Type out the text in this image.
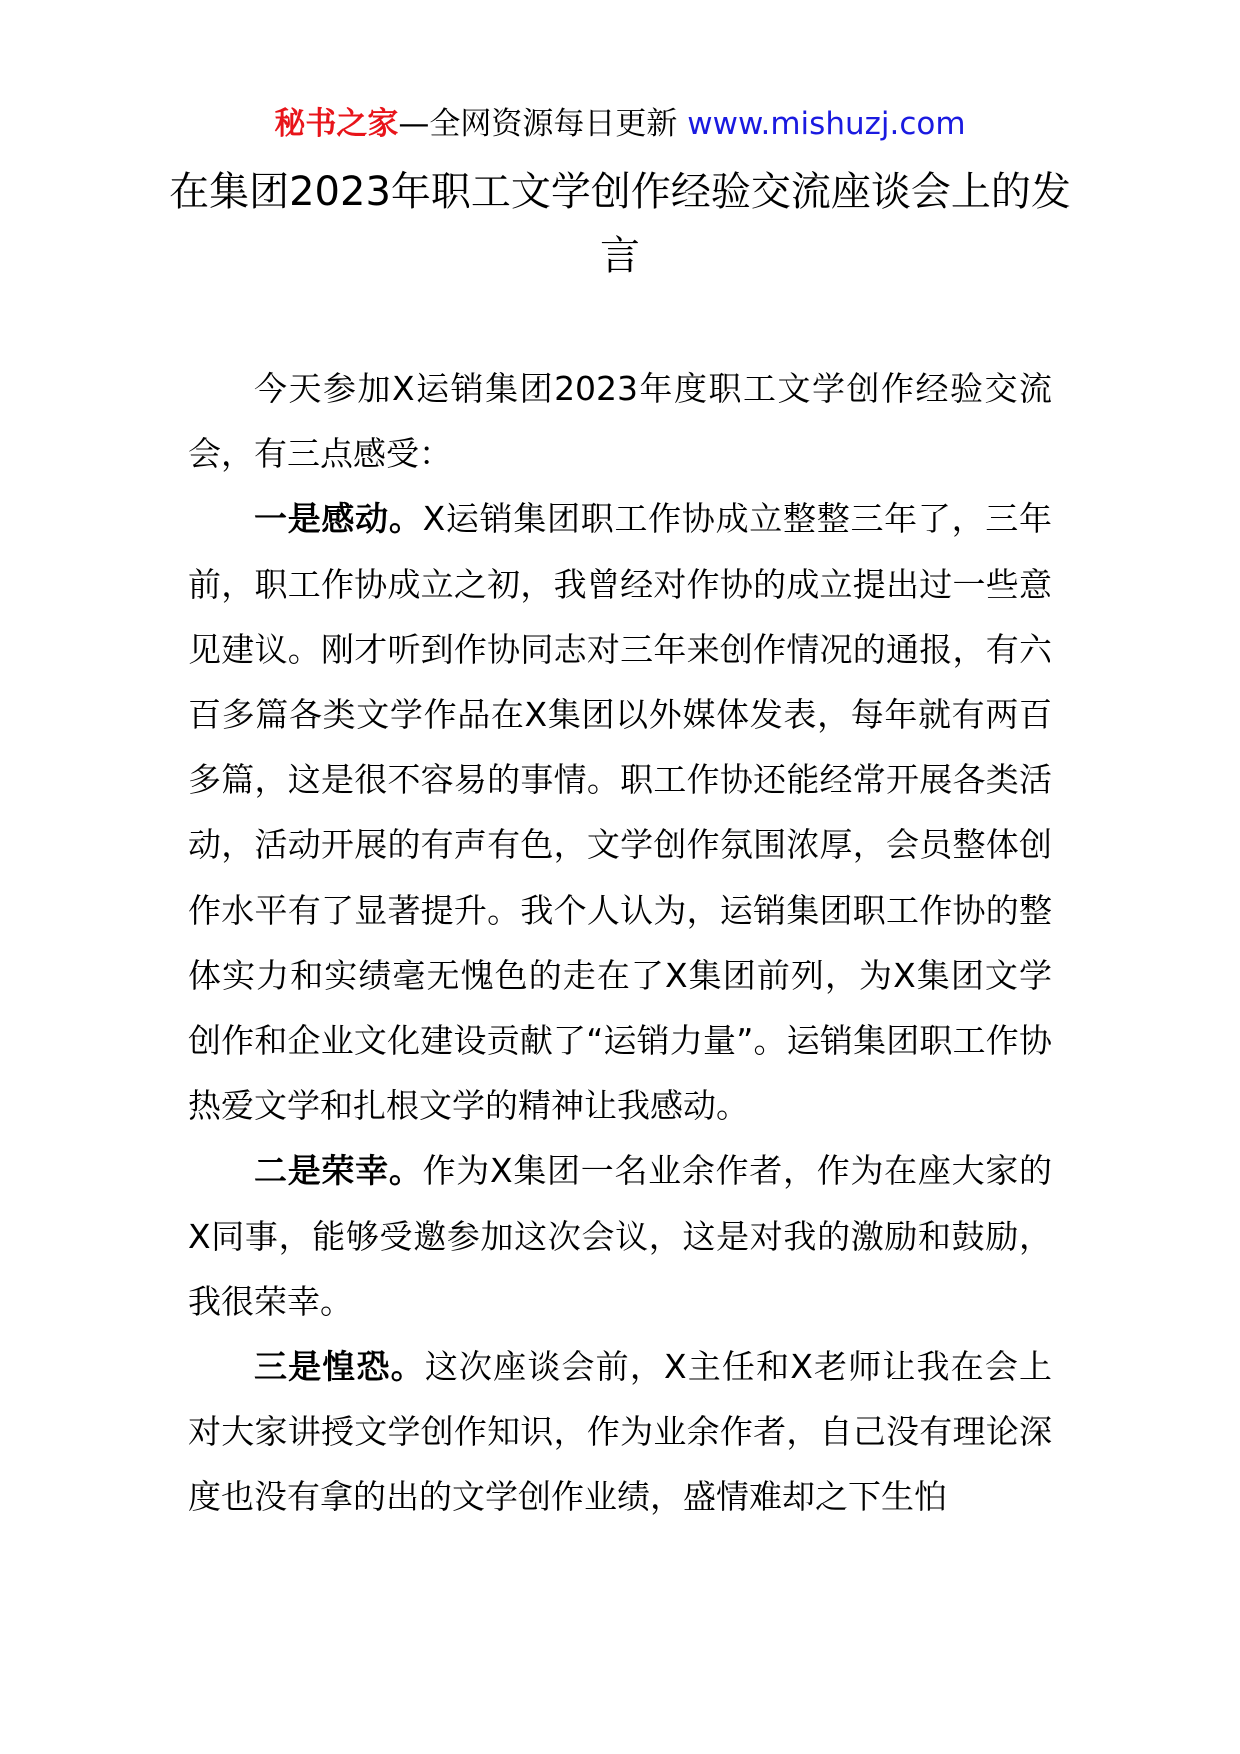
秘书之家—全网资源每日更新 www.mishuzj.com
在集团2023年职工文学创作经验交流座谈会上的发言

今天参加X运销集团2023年度职工文学创作经验交流会，有三点感受：

一是感动。X运销集团职工作协成立整整三年了，三年前，职工作协成立之初，我曾经对作协的成立提出过一些意见建议。刚才听到作协同志对三年来创作情况的通报，有六百多篇各类文学作品在X集团以外媒体发表，每年就有两百多篇，这是很不容易的事情。职工作协还能经常开展各类活动，活动开展的有声有色，文学创作氛围浓厚，会员整体创作水平有了显著提升。我个人认为，运销集团职工作协的整体实力和实绩毫无愧色的走在了X集团前列，为X集团文学创作和企业文化建设贡献了“运销力量”。运销集团职工作协热爱文学和扎根文学的精神让我感动。

二是荣幸。作为X集团一名业余作者，作为在座大家的X同事，能够受邀参加这次会议，这是对我的激励和鼓励，我很荣幸。

三是惶恐。这次座谈会前，X主任和X老师让我在会上对大家讲授文学创作知识，作为业余作者，自己没有理论深度也没有拿的出的文学创作业绩，盛情难却之下生怕
